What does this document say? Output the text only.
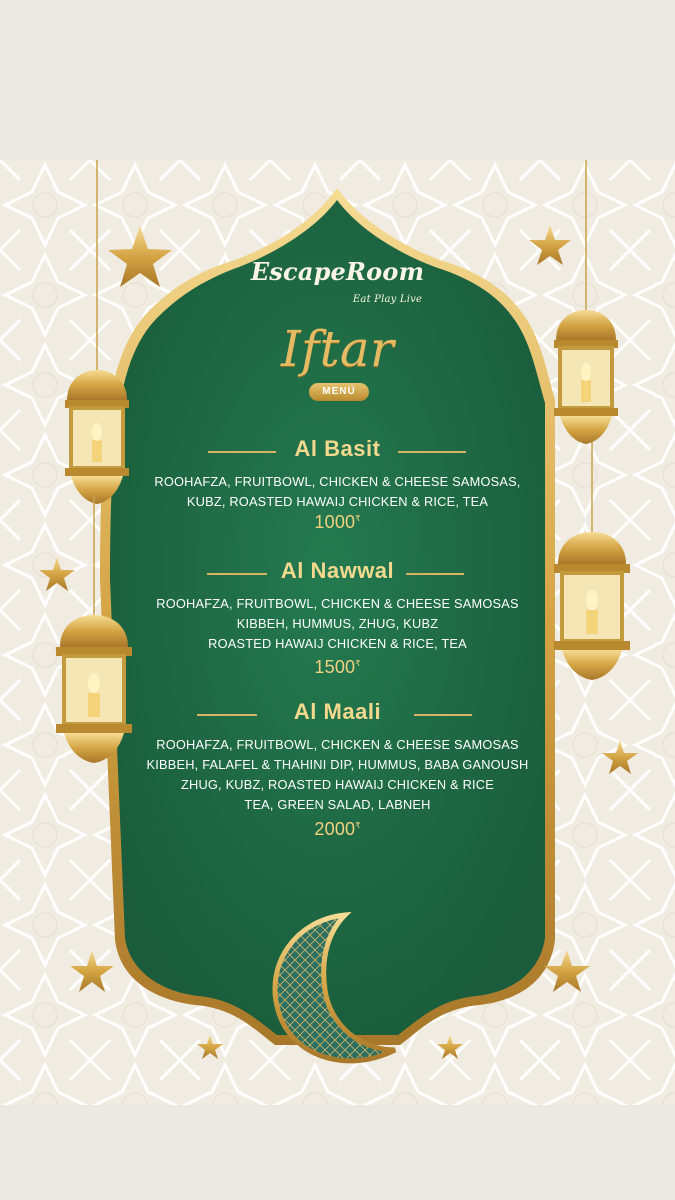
EscapeRoom
Eat Play Live
Iftar
MENÜ
Al Basit
ROOHAFZA, FRUITBOWL, CHICKEN & CHEESE SAMOSAS,
KUBZ, ROASTED HAWAIJ CHICKEN & RICE, TEA
1000₹
Al Nawwal
ROOHAFZA, FRUITBOWL, CHICKEN & CHEESE SAMOSAS
KIBBEH, HUMMUS, ZHUG, KUBZ
ROASTED HAWAIJ CHICKEN & RICE, TEA
1500₹
Al Maali
ROOHAFZA, FRUITBOWL, CHICKEN & CHEESE SAMOSAS
KIBBEH, FALAFEL & THAHINI DIP, HUMMUS, BABA GANOUSH
ZHUG, KUBZ, ROASTED HAWAIJ CHICKEN & RICE
TEA, GREEN SALAD, LABNEH
2000₹
